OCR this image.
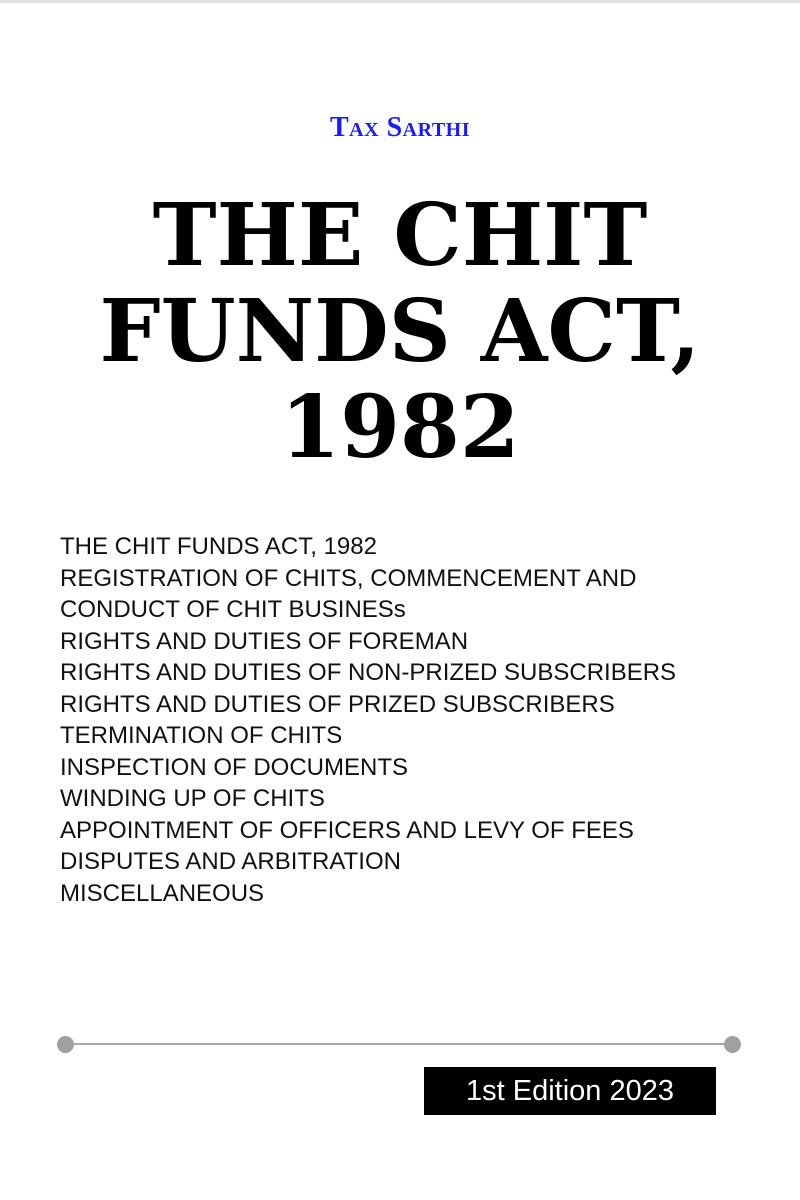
Tax Sarthi
THE CHIT
FUNDS ACT,
1982
THE CHIT FUNDS ACT, 1982
REGISTRATION OF CHITS, COMMENCEMENT AND
CONDUCT OF CHIT BUSINESs
RIGHTS AND DUTIES OF FOREMAN
RIGHTS AND DUTIES OF NON-PRIZED SUBSCRIBERS
RIGHTS AND DUTIES OF PRIZED SUBSCRIBERS
TERMINATION OF CHITS
INSPECTION OF DOCUMENTS
WINDING UP OF CHITS
APPOINTMENT OF OFFICERS AND LEVY OF FEES
DISPUTES AND ARBITRATION
MISCELLANEOUS
1st Edition 2023
